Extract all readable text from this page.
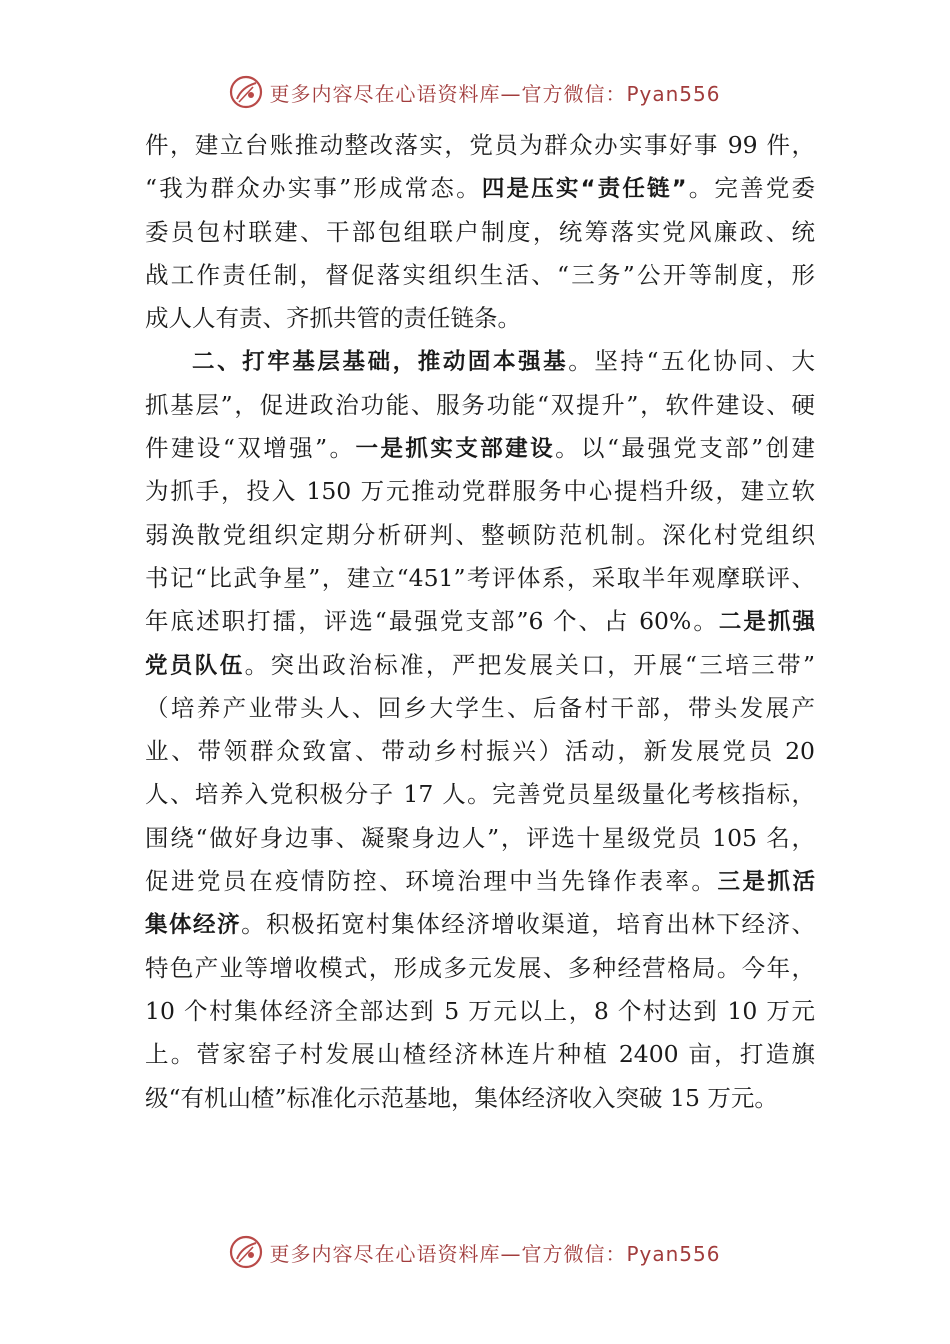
更多内容尽在心语资料库—官方微信：Pyan556
件，建立台账推动整改落实，党员为群众办实事好事 99 件，
“我为群众办实事”形成常态。四是压实“责任链”。完善党委
委员包村联建、干部包组联户制度，统筹落实党风廉政、统
战工作责任制，督促落实组织生活、“三务”公开等制度，形
成人人有责、齐抓共管的责任链条。
二、打牢基层基础，推动固本强基。坚持“五化协同、大
抓基层”，促进政治功能、服务功能“双提升”，软件建设、硬
件建设“双增强”。一是抓实支部建设。以“最强党支部”创建
为抓手，投入 150 万元推动党群服务中心提档升级，建立软
弱涣散党组织定期分析研判、整顿防范机制。深化村党组织
书记“比武争星”，建立“451”考评体系，采取半年观摩联评、
年底述职打擂，评选“最强党支部”6 个、占 60%。二是抓强
党员队伍。突出政治标准，严把发展关口，开展“三培三带”
（培养产业带头人、回乡大学生、后备村干部，带头发展产
业、带领群众致富、带动乡村振兴）活动，新发展党员 20
人、培养入党积极分子 17 人。完善党员星级量化考核指标，
围绕“做好身边事、凝聚身边人”，评选十星级党员 105 名，
促进党员在疫情防控、环境治理中当先锋作表率。三是抓活
集体经济。积极拓宽村集体经济增收渠道，培育出林下经济、
特色产业等增收模式，形成多元发展、多种经营格局。今年，
10 个村集体经济全部达到 5 万元以上，8 个村达到 10 万元
上。菅家窑子村发展山楂经济林连片种植 2400 亩，打造旗
级“有机山楂”标准化示范基地，集体经济收入突破 15 万元。
更多内容尽在心语资料库—官方微信：Pyan556
